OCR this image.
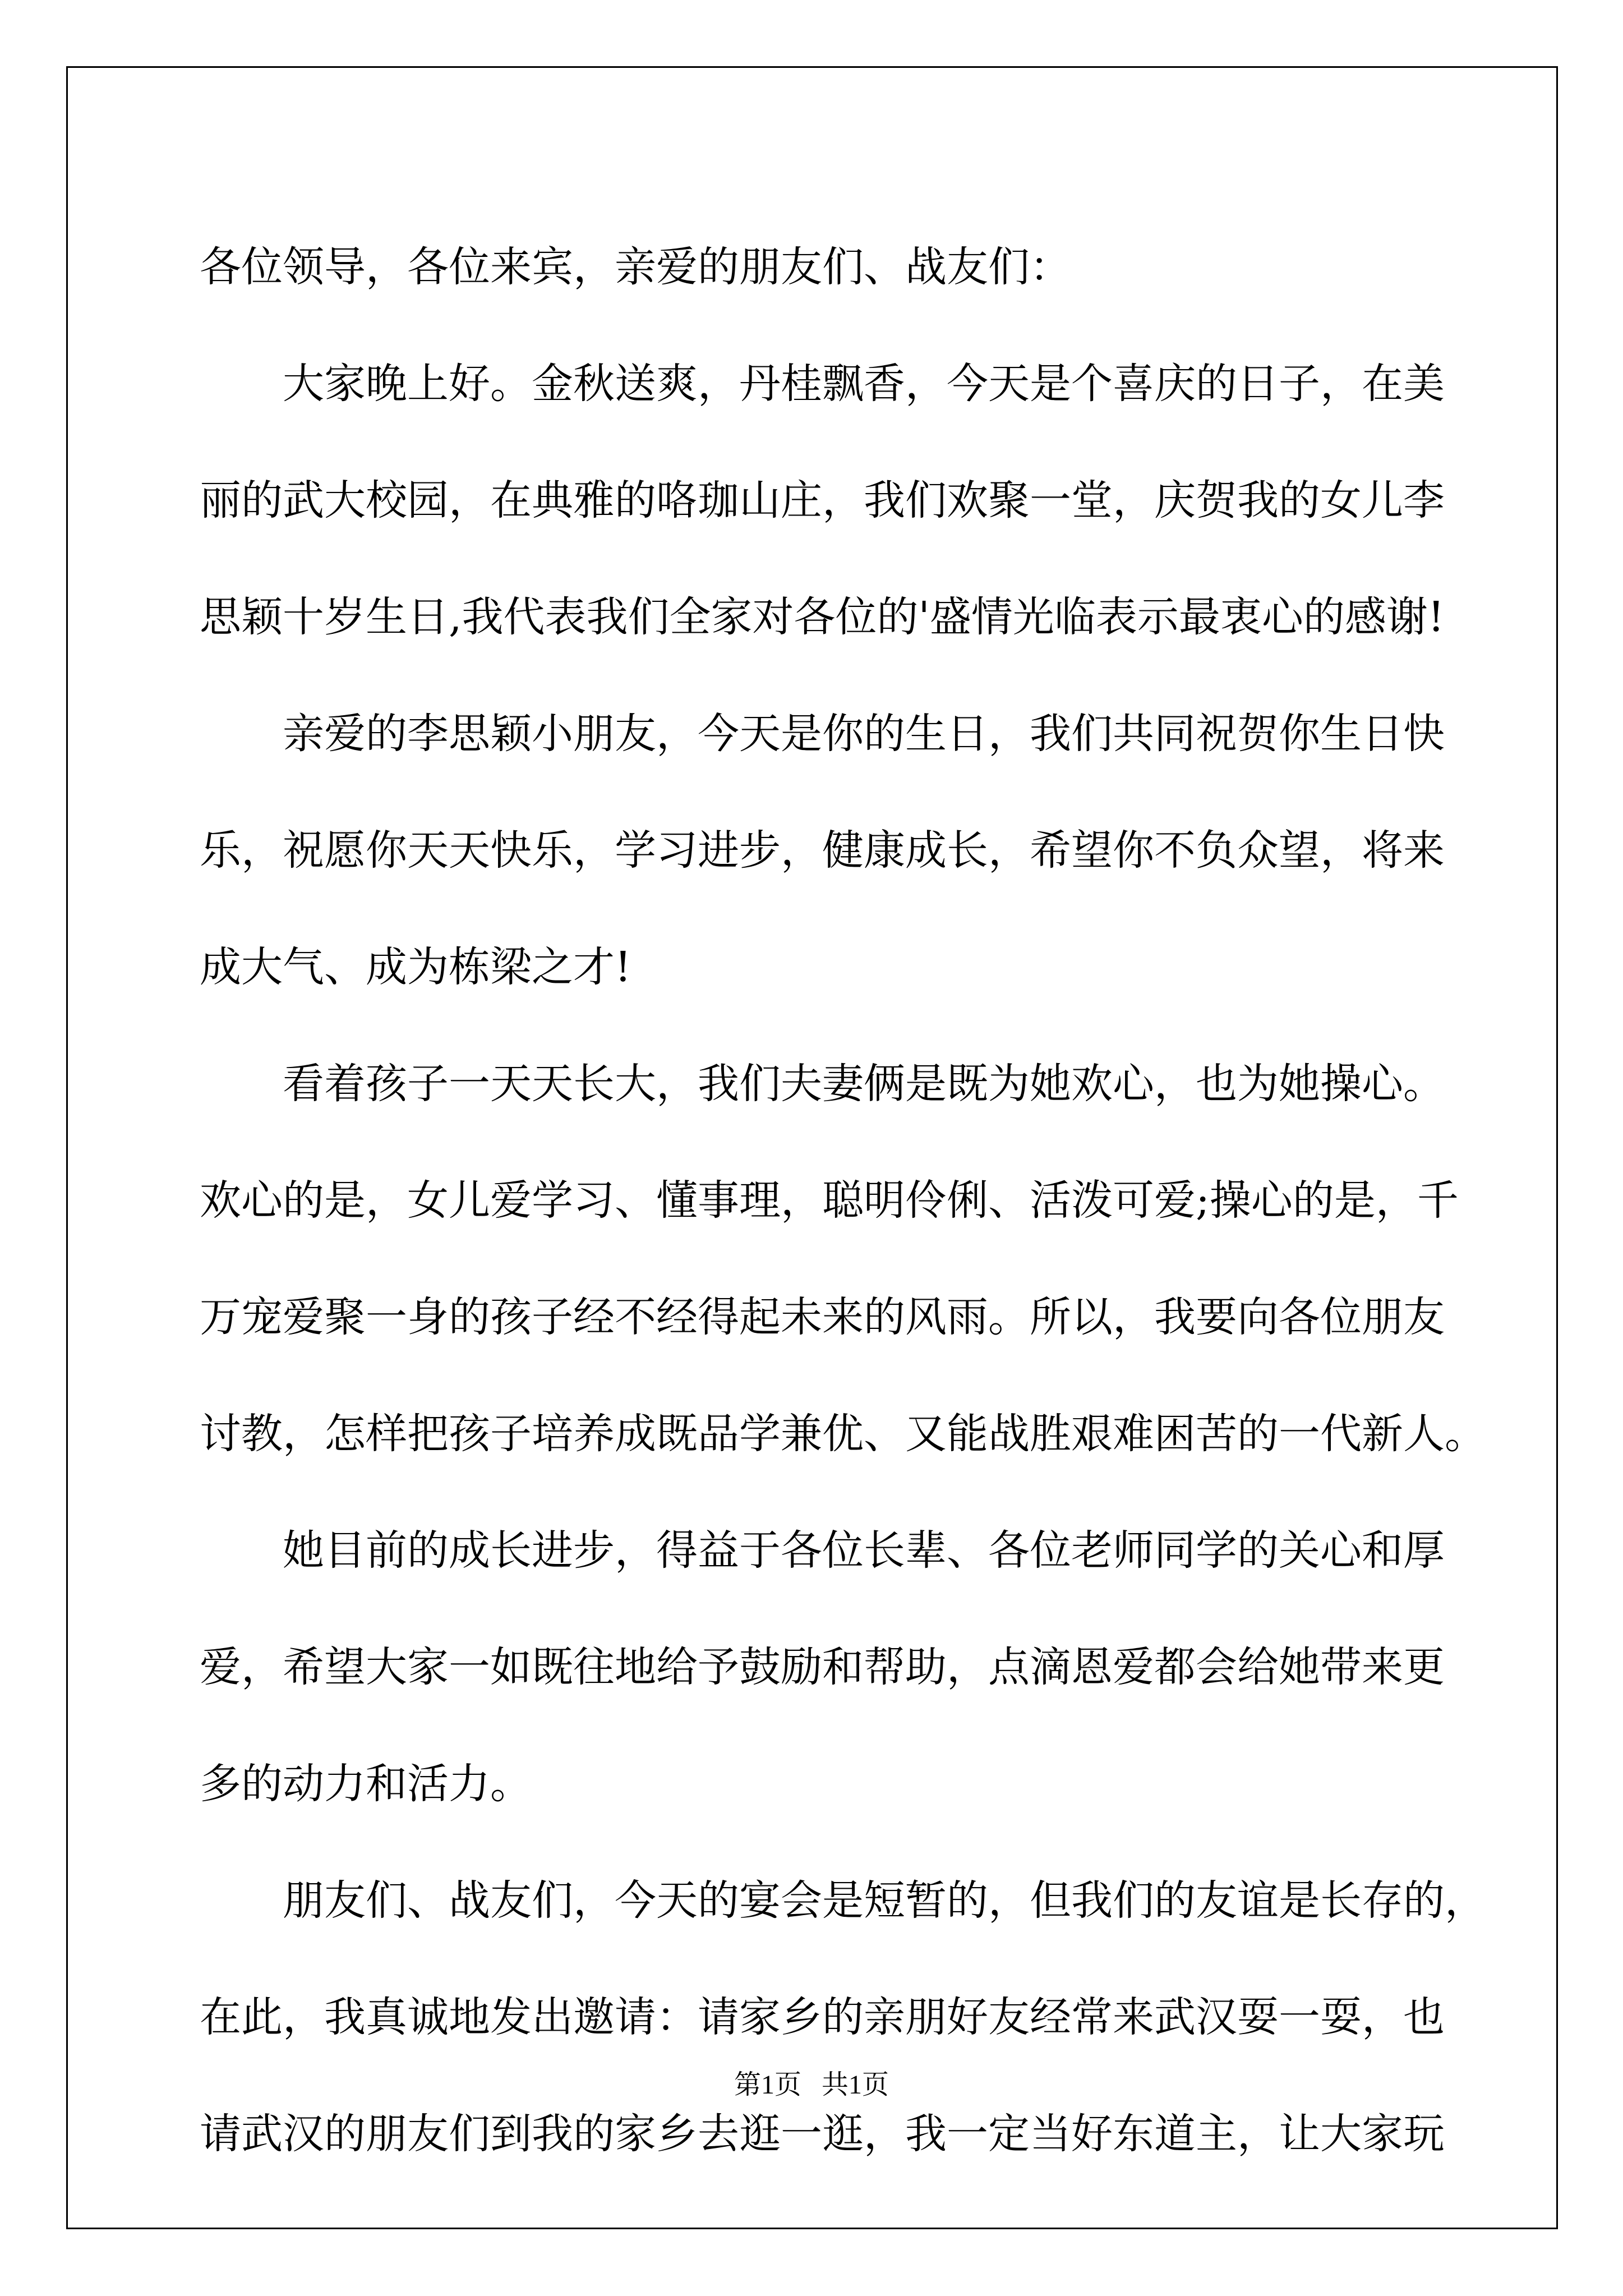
各位领导，各位来宾，亲爱的朋友们、战友们：
大家晚上好。金秋送爽，丹桂飘香，今天是个喜庆的日子，在美
丽的武大校园，在典雅的咯珈山庄，我们欢聚一堂，庆贺我的女儿李
思颖十岁生日,我代表我们全家对各位的'盛情光临表示最衷心的感谢!
亲爱的李思颖小朋友，今天是你的生日，我们共同祝贺你生日快
乐，祝愿你天天快乐，学习进步，健康成长，希望你不负众望，将来
成大气、成为栋梁之才!
看着孩子一天天长大，我们夫妻俩是既为她欢心，也为她操心。
欢心的是，女儿爱学习、懂事理，聪明伶俐、活泼可爱;操心的是，千
万宠爱聚一身的孩子经不经得起未来的风雨。所以，我要向各位朋友
讨教，怎样把孩子培养成既品学兼优、又能战胜艰难困苦的一代新人。
她目前的成长进步，得益于各位长辈、各位老师同学的关心和厚
爱，希望大家一如既往地给予鼓励和帮助，点滴恩爱都会给她带来更
多的动力和活力。
朋友们、战友们，今天的宴会是短暂的，但我们的友谊是长存的，
在此，我真诚地发出邀请：请家乡的亲朋好友经常来武汉耍一耍，也
请武汉的朋友们到我的家乡去逛一逛，我一定当好东道主，让大家玩
第1页   共1页
